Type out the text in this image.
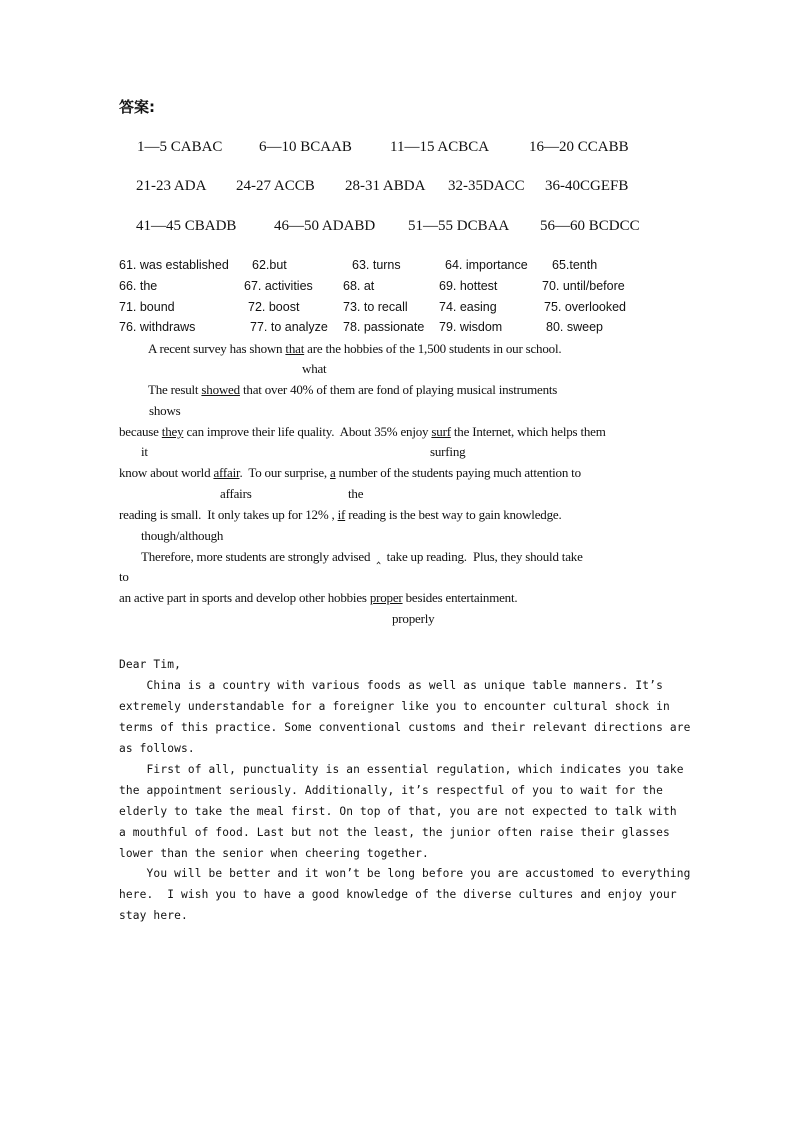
答案:
1—5 CABAC 6—10 BCAAB	11—15 ACBCA	16—20 CCABB
21-23 ADA 24-27 ACCB 28-31 ABDA 32-35DACC 36-40CGEFB
41—45 CBADB	46—50 ADABD 51—55 DCBAA 56—60 BCDCC
61. was established 62.but	63. turns	64. importance 65.tenth
66. the	67. activities 68. at	69. hottest	70. until/before
71. bound	72. boost	73. to recall	74. easing	75. overlooked
76. withdraws	77. to analyze 78. passionate 79. wisdom	80. sweep
A recent survey has shown that are the hobbies of the 1,500 students in our school.
what
The result showed that over 40% of them are fond of playing musical instruments
shows
because they can improve their life quality.  About 35% enjoy surf the Internet, which helps them
it	surfing
know about world affair.  To our surprise, a number of the students paying much attention to
affairs	the
reading is small.  It only takes up for 12% , if reading is the best way to gain knowledge.
though/although
Therefore, more students are strongly advised  ‸  take up reading.  Plus, they should take
to
an active part in sports and develop other hobbies proper besides entertainment.
properly
Dear Tim,
China is a country with various foods as well as unique table manners. It’s
extremely understandable for a foreigner like you to encounter cultural shock in
terms of this practice. Some conventional customs and their relevant directions are
as follows.
First of all, punctuality is an essential regulation, which indicates you take
the appointment seriously. Additionally, it’s respectful of you to wait for the
elderly to take the meal first. On top of that, you are not expected to talk with
a mouthful of food. Last but not the least, the junior often raise their glasses
lower than the senior when cheering together.
You will be better and it won’t be long before you are accustomed to everything
here.  I wish you to have a good knowledge of the diverse cultures and enjoy your
stay here.
